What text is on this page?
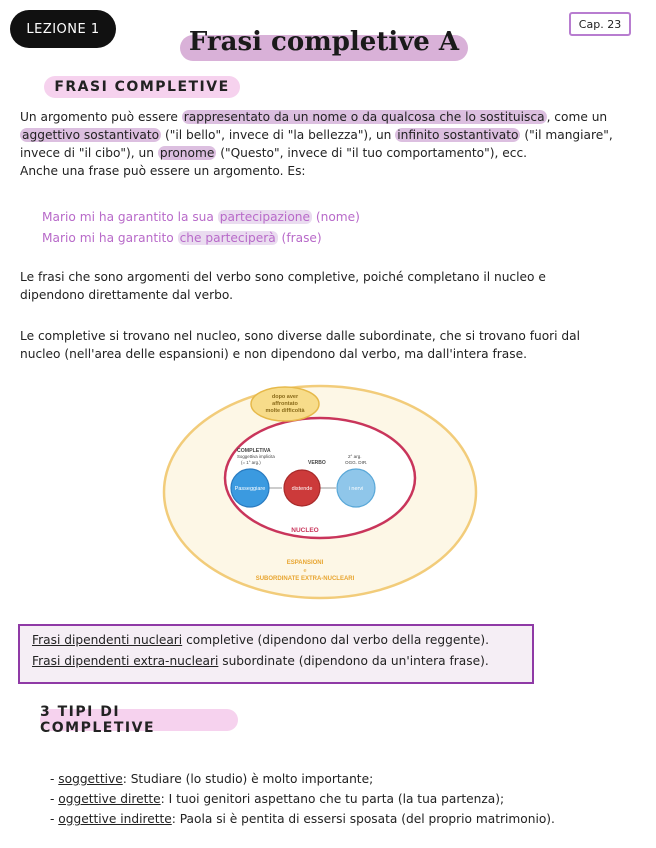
LEZIONE 1	Cap. 23
Frasi completive A
FRASI COMPLETIVE
Un argomento può essere rappresentato da un nome o da qualcosa che lo sostituisca , come un
aggettivo sostantivato ("il bello", invece di "la bellezza"), un infinito sostantivato ("il mangiare",
invece di "il cibo"), un pronome ("Questo", invece di "il tuo comportamento"), ecc.
Anche una frase può essere un argomento. Es:
Mario mi ha garantito la sua partecipazione (nome)
Mario mi ha garantito che parteciperà (frase)
Le frasi che sono argomenti del verbo sono completive, poiché completano il nucleo e
dipendono direttamente dal verbo.
Le completive si trovano nel nucleo, sono diverse dalle subordinate, che si trovano fuori dal
nucleo (nell'area delle espansioni) e non dipendono dal verbo, ma dall'intera frase.
dopo aver
affrontato
molte difficoltà
COMPLETIVA
Soggettiva implicita
(= 1° arg.)	VERBO
2° arg.
OGG. DIR.
Passeggiare	distende	i nervi
NUCLEO
ESPANSIONI
e
SUBORDINATE EXTRA-NUCLEARI
Frasi dipendenti nucleari completive (dipendono dal verbo della reggente).
Frasi dipendenti extra-nucleari subordinate (dipendono da un'intera frase).
3 TIPI DI COMPLETIVE
- soggettive: Studiare (lo studio) è molto importante;
- oggettive dirette: I tuoi genitori aspettano che tu parta (la tua partenza);
- oggettive indirette: Paola si è pentita di essersi sposata (del proprio matrimonio).
